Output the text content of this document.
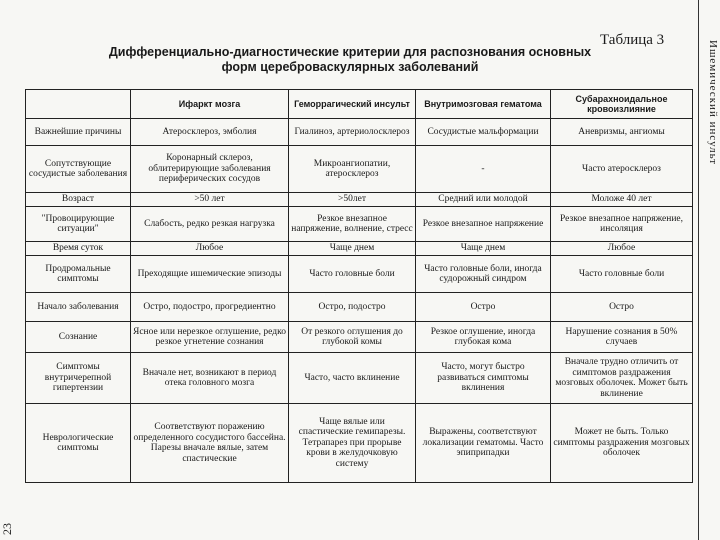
Таблица 3
Дифференциально-диагностические критерии для распознования основных форм цереброваскулярных заболеваний	Ишемический инсульт
23
	Ифаркт мозга	Геморрагический инсульт	Внутримозговая гематома	Субарахноидальное кровоизлияние
Важнейшие причины	Атеросклероз, эмболия	Гиалиноз, артериолосклероз	Сосудистые мальформации	Аневризмы, ангиомы
Сопутствующие сосудистые заболевания	Коронарный склероз, облитерирующие заболевания периферических сосудов	Микроангиопатии, атеросклероз	-	Часто атеросклероз
Возраст	>50 лет	>50лет	Средний или молодой	Моложе 40 лет
"Провоцирующие ситуации"	Слабость, редко резкая нагрузка	Резкое внезапное напряжение, волнение, стресс	Резкое внезапное напряжение	Резкое внезапное напряжение, инсоляция
Время суток	Любое	Чаще днем	Чаще днем	Любое
Продромальные симптомы	Преходящие ишемические эпизоды	Часто головные боли	Часто головные боли, иногда судорожный синдром	Часто головные боли
Начало заболевания	Остро, подостро, прогредиентно	Остро, подостро	Остро	Остро
Сознание	Ясное или нерезкое оглушение, редко резкое угнетение сознания	От резкого оглушения до глубокой комы	Резкое оглушение, иногда глубокая кома	Нарушение сознания в 50% случаев
Симптомы внутричерепной гипертензии	Вначале нет, возникают в период отека головного мозга	Часто, часто вклинение	Часто, могут быстро развиваться симптомы вклинения	Вначале трудно отличить от симптомов раздражения мозговых оболочек. Может быть вклинение
Неврологические симптомы	Соответствуют поражению определенного сосудистого бассейна. Парезы вначале вялые, затем спастические	Чаще вялые или спастические гемипарезы. Тетрапарез при прорыве крови в желудочковую систему	Выражены, соответствуют локализации гематомы. Часто эпиприпадки	Может не быть. Только симптомы раздражения мозговых оболочек
